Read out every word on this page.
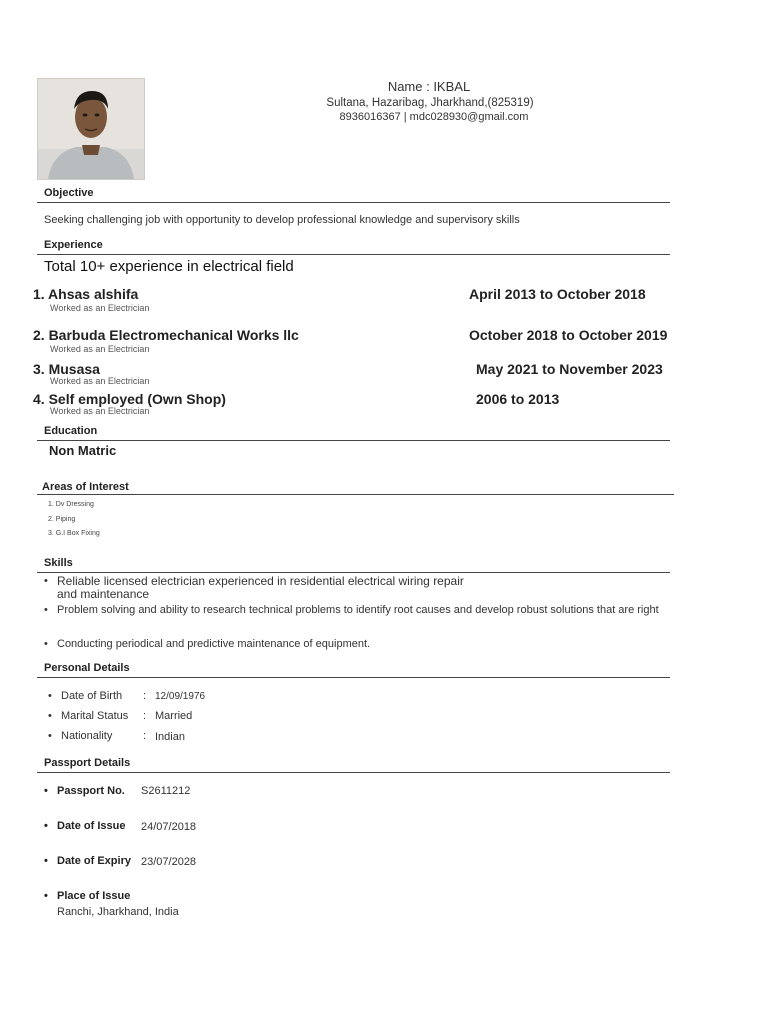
Name : IKBAL
Sultana, Hazaribag, Jharkhand,(825319)
8936016367 | mdc028930@gmail.com
Objective
Seeking challenging job with opportunity to develop professional knowledge and supervisory skills
Experience
Total 10+ experience in electrical field
1. Ahsas alshifa
Worked as an Electrician
April 2013 to October 2018
2. Barbuda Electromechanical Works llc
Worked as an Electrician
October 2018 to October 2019
3. Musasa
Worked as an Electrician
May 2021 to November 2023
4. Self employed (Own Shop)
Worked as an Electrician
2006 to 2013
Education
Non Matric
Areas of Interest
1. Dv Dressing
2. Piping
3. G.I Box Fixing
Skills
• Reliable licensed electrician experienced in residential electrical wiring repair and maintenance
• Problem solving and ability to research technical problems to identify root causes and develop robust solutions that are right
• Conducting periodical and predictive maintenance of equipment.
Personal Details
• Date of Birth : 12/09/1976
• Marital Status : Married
• Nationality	: Indian
Passport Details
• Passport No. S2611212
• Date of Issue 24/07/2018
• Date of Expiry 23/07/2028
• Place of Issue
Ranchi, Jharkhand, India
